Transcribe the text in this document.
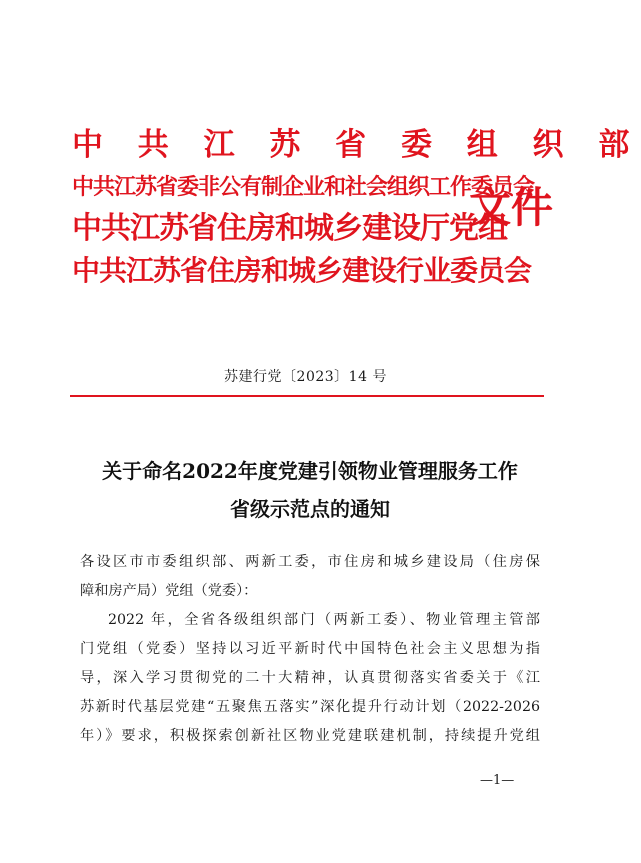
中 共 江 苏 省 委 组 织 部
中共江苏省委非公有制企业和社会组织工作委员会
中共江苏省住房和城乡建设厅党组
中共江苏省住房和城乡建设行业委员会
文件
苏建行党〔2023〕14 号
关于命名2022年度党建引领物业管理服务工作
省级示范点的通知
各设区市市委组织部、两新工委，市住房和城乡建设局（住房保
障和房产局）党组（党委）：
2022 年，全省各级组织部门（两新工委）、物业管理主管部
门党组（党委）坚持以习近平新时代中国特色社会主义思想为指
导，深入学习贯彻党的二十大精神，认真贯彻落实省委关于《江
苏新时代基层党建“五聚焦五落实”深化提升行动计划（2022-2026
年）》要求，积极探索创新社区物业党建联建机制，持续提升党组
—1—
